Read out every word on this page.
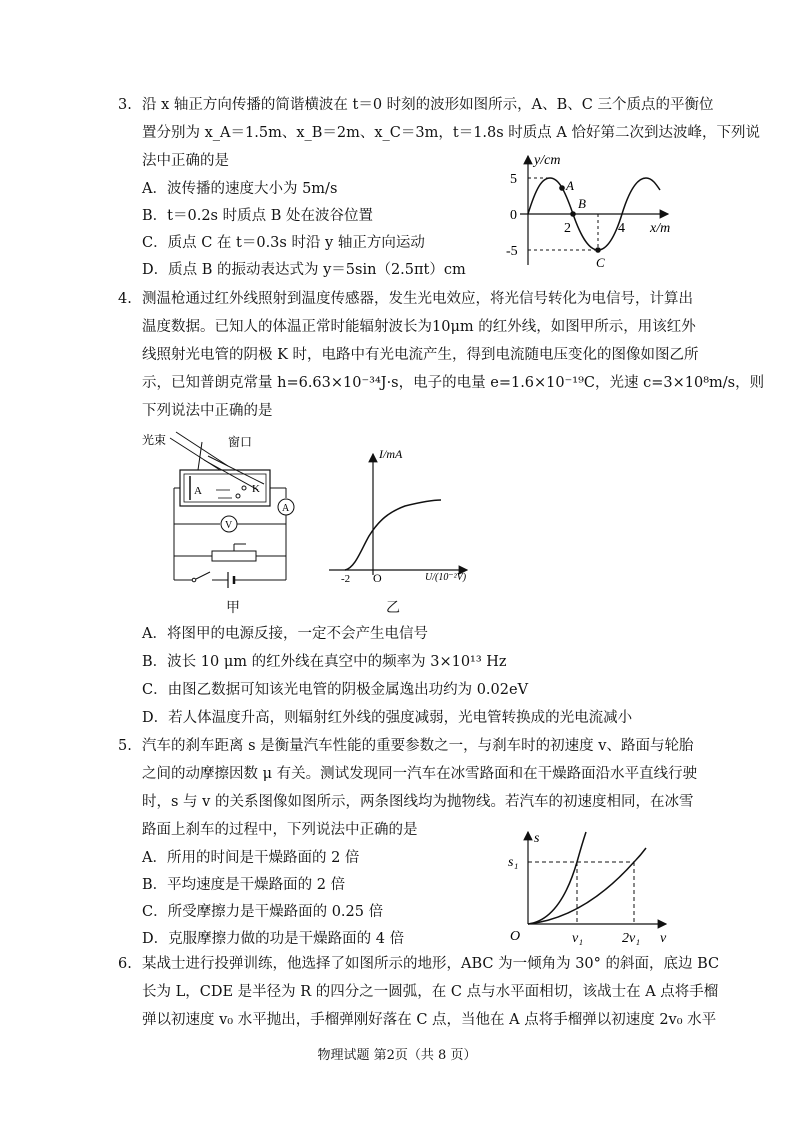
3. 沿 x 轴正方向传播的简谐横波在 t＝0 时刻的波形如图所示，A、B、C 三个质点的平衡位
置分别为 x_A＝1.5m、x_B＝2m、x_C＝3m，t＝1.8s 时质点 A 恰好第二次到达波峰，下列说
法中正确的是
A．波传播的速度大小为 5m/s
B．t＝0.2s 时质点 B 处在波谷位置
C．质点 C 在 t＝0.3s 时沿 y 轴正方向运动
D．质点 B 的振动表达式为 y＝5sin（2.5πt）cm
y/cm
x/m
5
0
-5
2	4
A
B
C
4. 测温枪通过红外线照射到温度传感器，发生光电效应，将光信号转化为电信号，计算出
温度数据。已知人的体温正常时能辐射波长为10μm 的红外线，如图甲所示，用该红外
线照射光电管的阴极 K 时，电路中有光电流产生，得到电流随电压变化的图像如图乙所
示，已知普朗克常量 h=6.63×10⁻³⁴J·s，电子的电量 e=1.6×10⁻¹⁹C，光速 c=3×10⁸m/s，则
下列说法中正确的是
光束	窗口
A	K
A
V
甲
I/mA
O
-2	U/(10⁻²V)
乙
A．将图甲的电源反接，一定不会产生电信号
B．波长 10 μm 的红外线在真空中的频率为 3×10¹³ Hz
C．由图乙数据可知该光电管的阴极金属逸出功约为 0.02eV
D．若人体温度升高，则辐射红外线的强度减弱，光电管转换成的光电流减小
5. 汽车的刹车距离 s 是衡量汽车性能的重要参数之一，与刹车时的初速度 v、路面与轮胎
之间的动摩擦因数 μ 有关。测试发现同一汽车在冰雪路面和在干燥路面沿水平直线行驶
时，s 与 v 的关系图像如图所示，两条图线均为抛物线。若汽车的初速度相同，在冰雪
路面上刹车的过程中，下列说法中正确的是
A．所用的时间是干燥路面的 2 倍
B．平均速度是干燥路面的 2 倍
C．所受摩擦力是干燥路面的 0.25 倍
D．克服摩擦力做的功是干燥路面的 4 倍
s
v
O
s₁
v₁	2v₁
6. 某战士进行投弹训练，他选择了如图所示的地形，ABC 为一倾角为 30° 的斜面，底边 BC
长为 L，CDE 是半径为 R 的四分之一圆弧，在 C 点与水平面相切，该战士在 A 点将手榴
弹以初速度 v₀ 水平抛出，手榴弹刚好落在 C 点，当他在 A 点将手榴弹以初速度 2v₀ 水平
物理试题 第2页（共 8 页）
